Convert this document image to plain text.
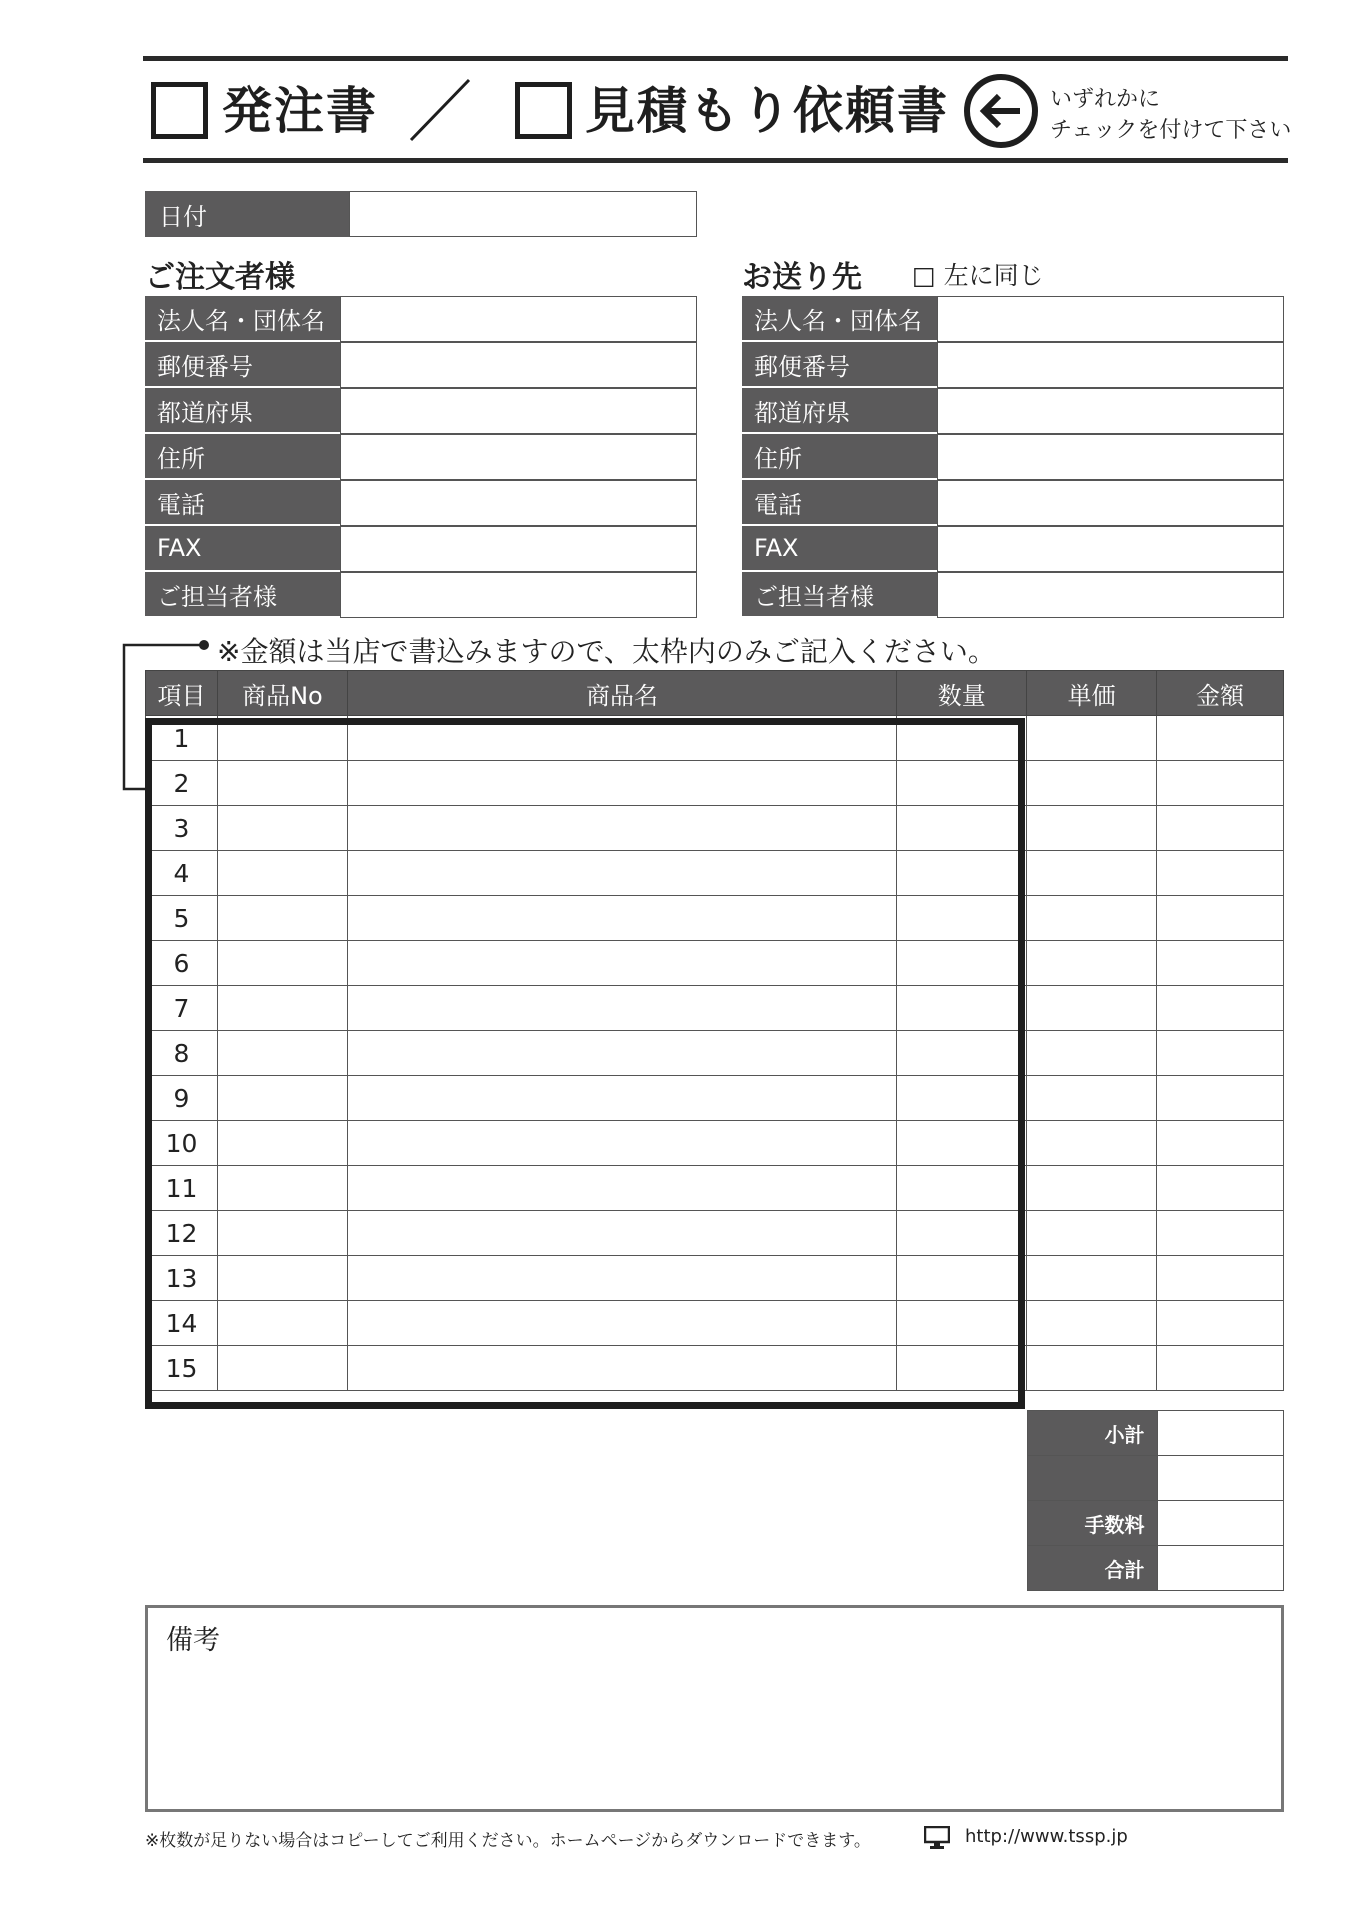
発注書	見積もり依頼書	いずれかに
チェックを付けて下さい
日付
ご注文者様
法人名・団体名
郵便番号
都道府県
住所
電話
FAX
ご担当者様
お送り先 □ 左に同じ
法人名・団体名
郵便番号
都道府県
住所
電話
FAX
ご担当者様
※金額は当店で書込みますので、太枠内のみご記入ください。
項目	商品No	商品名	数量	単価	金額
1					
2					
3					
4					
5					
6					
7					
8					
9					
10					
11					
12					
13					
14					
15					
小計	

手数料	
合計	
備考
※枚数が足りない場合はコピーしてご利用ください。ホームページからダウンロードできます。	http://www.tssp.jp
